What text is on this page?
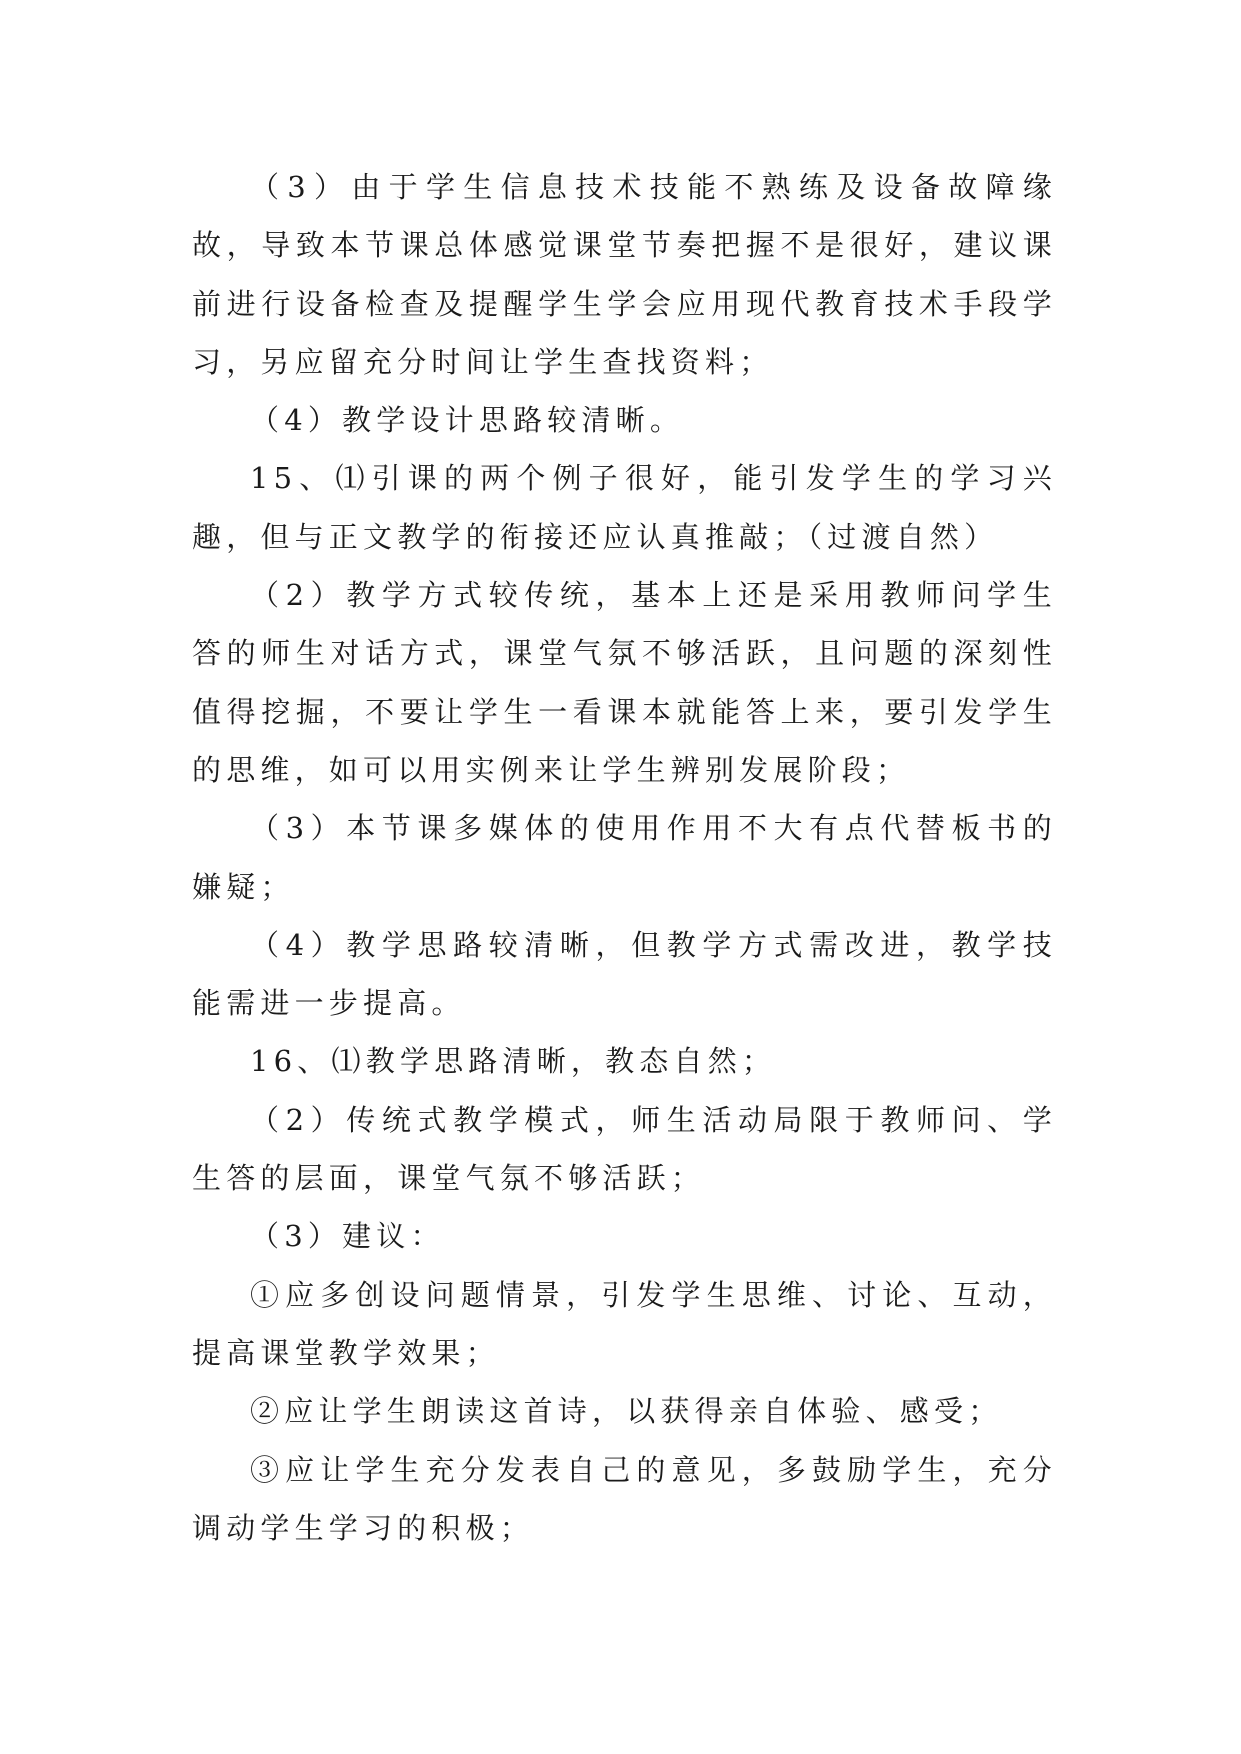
（3）由于学生信息技术技能不熟练及设备故障缘故，导致本节课总体感觉课堂节奏把握不是很好，建议课前进行设备检查及提醒学生学会应用现代教育技术手段学习，另应留充分时间让学生查找资料；

（4）教学设计思路较清晰。

15、⑴引课的两个例子很好，能引发学生的学习兴趣，但与正文教学的衔接还应认真推敲；（过渡自然）

（2）教学方式较传统，基本上还是采用教师问学生答的师生对话方式，课堂气氛不够活跃，且问题的深刻性值得挖掘，不要让学生一看课本就能答上来，要引发学生的思维，如可以用实例来让学生辨别发展阶段；

（3）本节课多媒体的使用作用不大有点代替板书的嫌疑；

（4）教学思路较清晰，但教学方式需改进，教学技能需进一步提高。

16、⑴教学思路清晰，教态自然；

（2）传统式教学模式，师生活动局限于教师问、学生答的层面，课堂气氛不够活跃；

（3）建议：

①应多创设问题情景，引发学生思维、讨论、互动，提高课堂教学效果；

②应让学生朗读这首诗，以获得亲自体验、感受；

③应让学生充分发表自己的意见，多鼓励学生，充分调动学生学习的积极；
